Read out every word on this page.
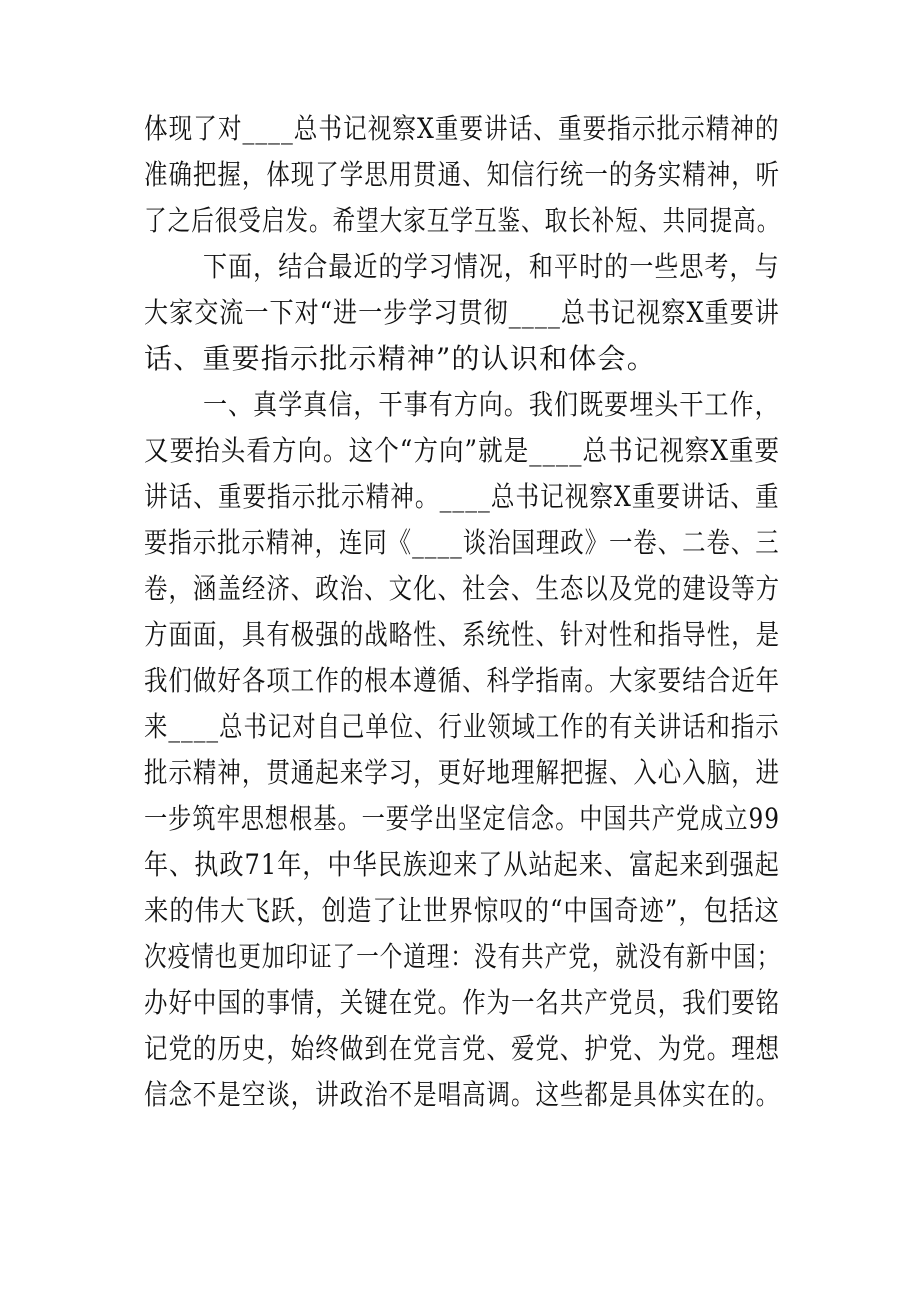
体现了对____总书记视察X重要讲话、重要指示批示精神的
准确把握，体现了学思用贯通、知信行统一的务实精神，听
了之后很受启发。希望大家互学互鉴、取长补短、共同提高。
下面，结合最近的学习情况，和平时的一些思考，与
大家交流一下对“进一步学习贯彻____总书记视察X重要讲
话、重要指示批示精神”的认识和体会。
一、真学真信，干事有方向。我们既要埋头干工作，
又要抬头看方向。这个“方向”就是____总书记视察X重要
讲话、重要指示批示精神。____总书记视察X重要讲话、重
要指示批示精神，连同《____谈治国理政》一卷、二卷、三
卷，涵盖经济、政治、文化、社会、生态以及党的建设等方
方面面，具有极强的战略性、系统性、针对性和指导性，是
我们做好各项工作的根本遵循、科学指南。大家要结合近年
来____总书记对自己单位、行业领域工作的有关讲话和指示
批示精神，贯通起来学习，更好地理解把握、入心入脑，进
一步筑牢思想根基。一要学出坚定信念。中国共产党成立99
年、执政71年，中华民族迎来了从站起来、富起来到强起
来的伟大飞跃，创造了让世界惊叹的“中国奇迹”，包括这
次疫情也更加印证了一个道理：没有共产党，就没有新中国；
办好中国的事情，关键在党。作为一名共产党员，我们要铭
记党的历史，始终做到在党言党、爱党、护党、为党。理想
信念不是空谈，讲政治不是唱高调。这些都是具体实在的。
